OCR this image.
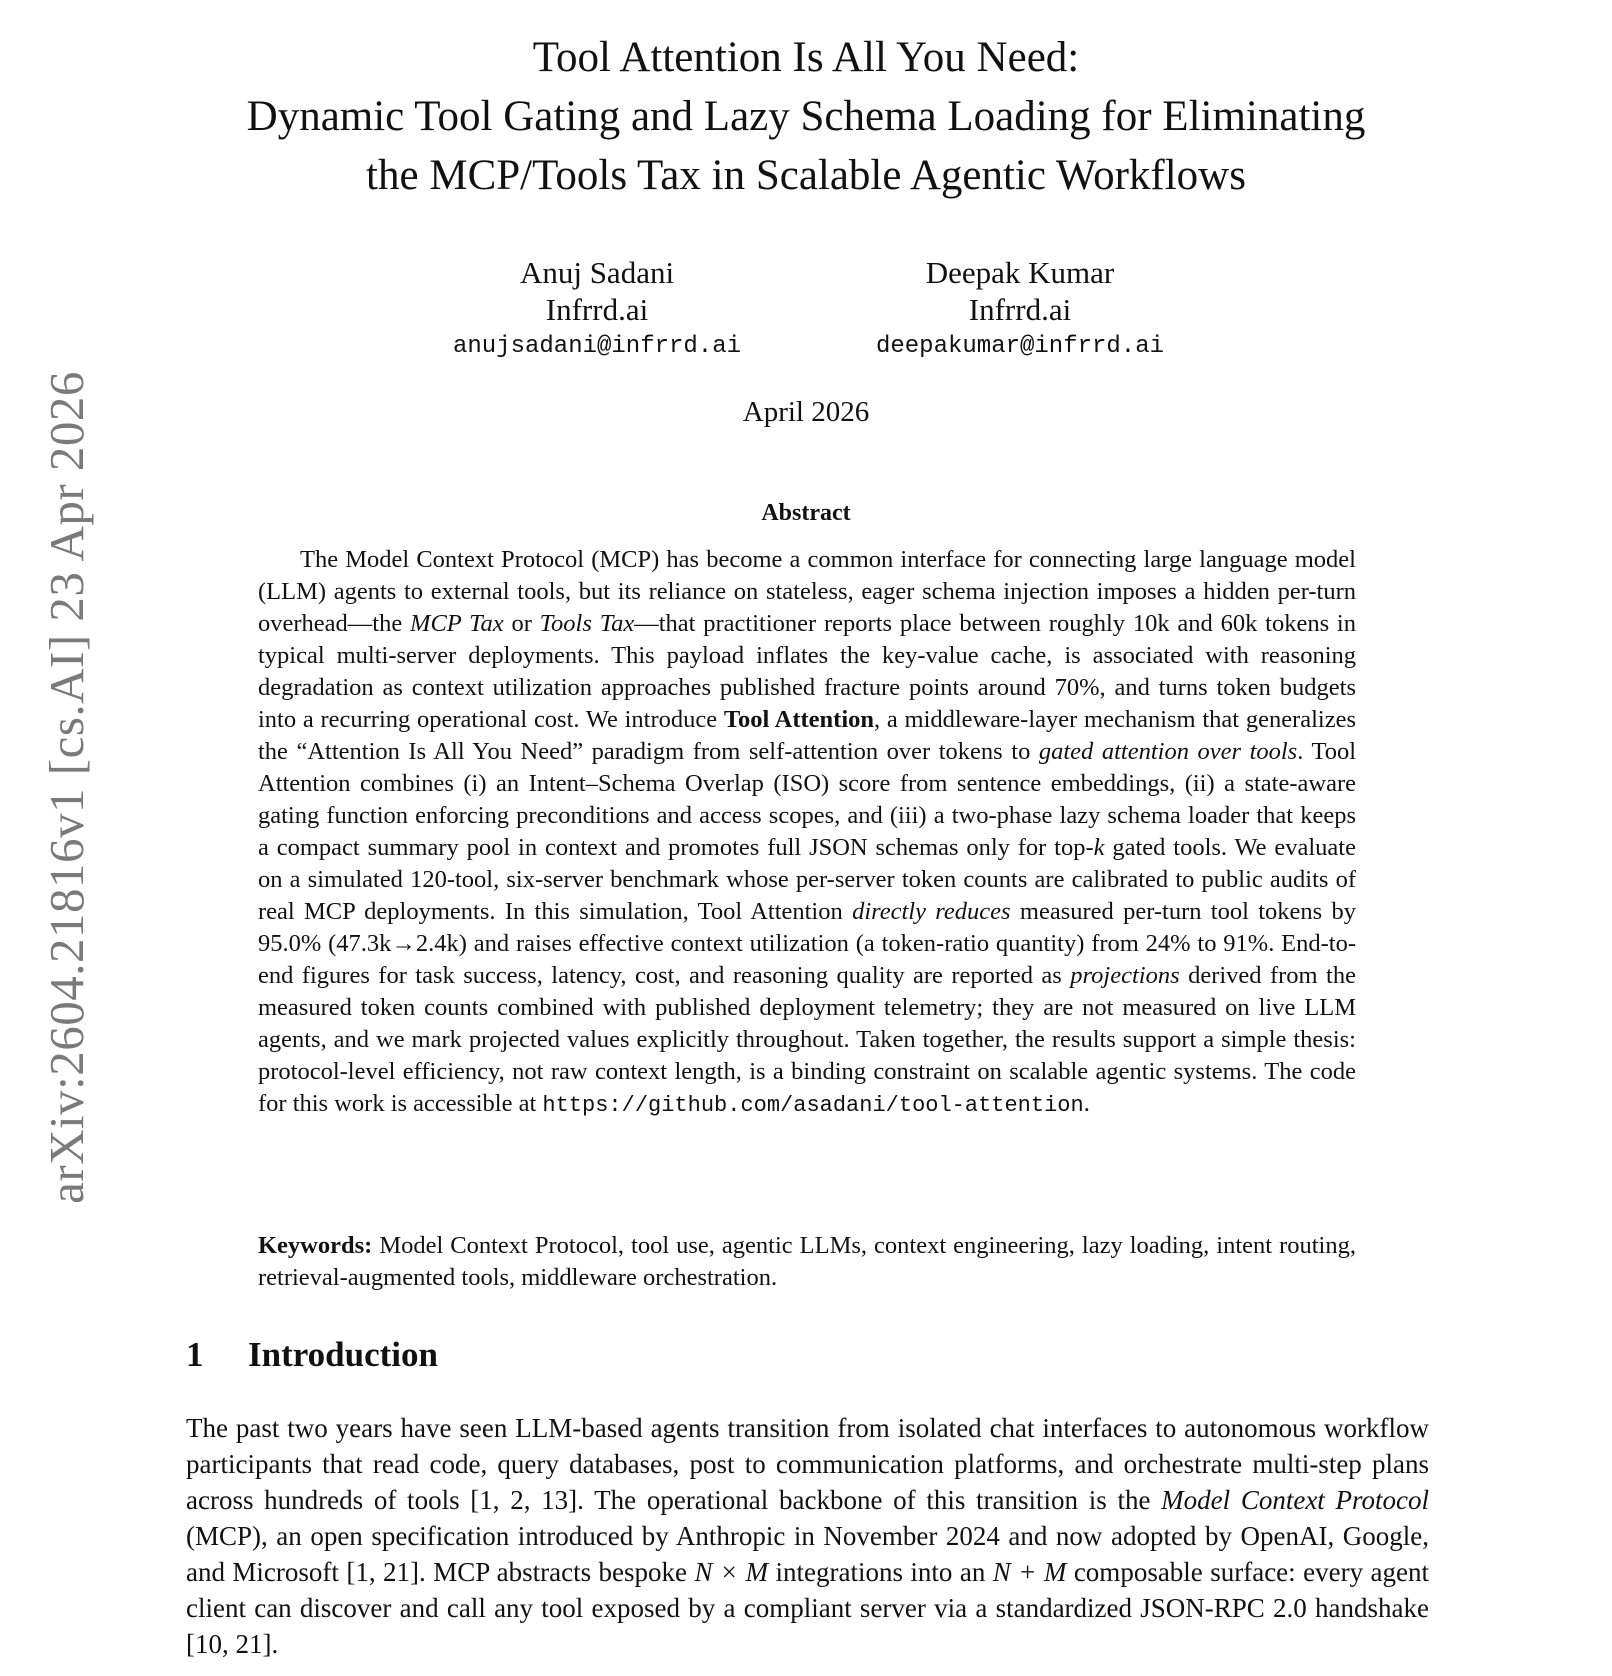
arXiv:2604.21816v1 [cs.AI] 23 Apr 2026
Tool Attention Is All You Need:
Dynamic Tool Gating and Lazy Schema Loading for Eliminating
the MCP/Tools Tax in Scalable Agentic Workflows
Anuj Sadani
Infrrd.ai
anujsadani@infrrd.ai
Deepak Kumar
Infrrd.ai
deepakumar@infrrd.ai
April 2026
Abstract
The Model Context Protocol (MCP) has become a common interface for connecting large language model (LLM) agents to external tools, but its reliance on stateless, eager schema injection imposes a hidden per-turn overhead—the MCP Tax or Tools Tax—that practitioner reports place between roughly 10k and 60k tokens in typical multi-server deployments. This payload inflates the key-value cache, is associated with reasoning degradation as context utilization approaches published fracture points around 70%, and turns token budgets into a recurring operational cost. We introduce Tool Attention, a middleware-layer mechanism that generalizes the “Attention Is All You Need” paradigm from self-attention over tokens to gated attention over tools. Tool Attention combines (i) an Intent–Schema Overlap (ISO) score from sentence embeddings, (ii) a state-aware gating function enforcing preconditions and access scopes, and (iii) a two-phase lazy schema loader that keeps a compact summary pool in context and promotes full JSON schemas only for top-k gated tools. We evaluate on a simulated 120-tool, six-server benchmark whose per-server token counts are calibrated to public audits of real MCP deployments. In this simulation, Tool Attention directly reduces measured per-turn tool tokens by 95.0% (47.3k→2.4k) and raises effective context utilization (a token-ratio quantity) from 24% to 91%. End-to-end figures for task success, latency, cost, and reasoning quality are reported as projections derived from the measured token counts combined with published deployment telemetry; they are not measured on live LLM agents, and we mark projected values explicitly throughout. Taken together, the results support a simple thesis: protocol-level efficiency, not raw context length, is a binding constraint on scalable agentic systems. The code for this work is accessible at https://github.com/asadani/tool-attention.
Keywords: Model Context Protocol, tool use, agentic LLMs, context engineering, lazy loading, intent routing, retrieval-augmented tools, middleware orchestration.
1 Introduction
The past two years have seen LLM-based agents transition from isolated chat interfaces to autonomous workflow participants that read code, query databases, post to communication platforms, and orchestrate multi-step plans across hundreds of tools [1, 2, 13]. The operational backbone of this transition is the Model Context Protocol (MCP), an open specification introduced by Anthropic in November 2024 and now adopted by OpenAI, Google, and Microsoft [1, 21]. MCP abstracts bespoke N × M integrations into an N + M composable surface: every agent client can discover and call any tool exposed by a compliant server via a standardized JSON-RPC 2.0 handshake [10, 21].
